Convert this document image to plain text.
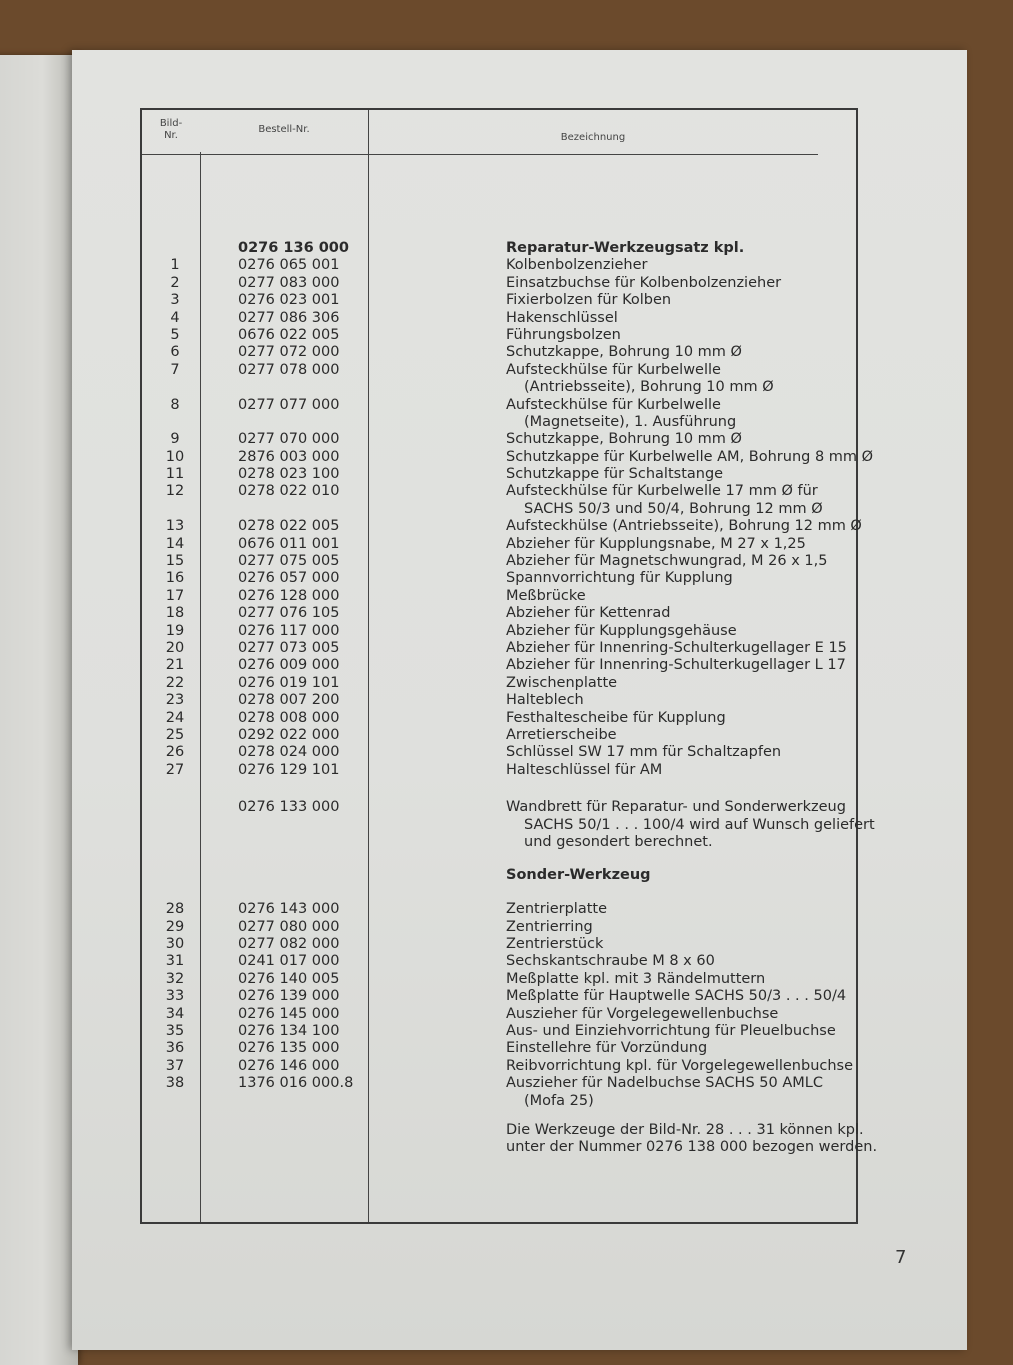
Bild-
Nr.
Bestell-Nr.
Bezeichnung
0276 136 000	Reparatur-Werkzeugsatz kpl.
1	0276 065 001	Kolbenbolzenzieher
2	0277 083 000	Einsatzbuchse für Kolbenbolzenzieher
3	0276 023 001	Fixierbolzen für Kolben
4	0277 086 306	Hakenschlüssel
5	0676 022 005	Führungsbolzen
6	0277 072 000	Schutzkappe, Bohrung 10 mm Ø
7	0277 078 000	Aufsteckhülse für Kurbelwelle
(Antriebsseite), Bohrung 10 mm Ø
8	0277 077 000	Aufsteckhülse für Kurbelwelle
(Magnetseite), 1. Ausführung
9	0277 070 000	Schutzkappe, Bohrung 10 mm Ø
10	2876 003 000	Schutzkappe für Kurbelwelle AM, Bohrung 8 mm Ø
11	0278 023 100	Schutzkappe für Schaltstange
12	0278 022 010	Aufsteckhülse für Kurbelwelle 17 mm Ø für
SACHS 50/3 und 50/4, Bohrung 12 mm Ø
13	0278 022 005	Aufsteckhülse (Antriebsseite), Bohrung 12 mm Ø
14	0676 011 001	Abzieher für Kupplungsnabe, M 27 x 1,25
15	0277 075 005	Abzieher für Magnetschwungrad, M 26 x 1,5
16	0276 057 000	Spannvorrichtung für Kupplung
17	0276 128 000	Meßbrücke
18	0277 076 105	Abzieher für Kettenrad
19	0276 117 000	Abzieher für Kupplungsgehäuse
20	0277 073 005	Abzieher für Innenring-Schulterkugellager E 15
21	0276 009 000	Abzieher für Innenring-Schulterkugellager L 17
22	0276 019 101	Zwischenplatte
23	0278 007 200	Halteblech
24	0278 008 000	Festhaltescheibe für Kupplung
25	0292 022 000	Arretierscheibe
26	0278 024 000	Schlüssel SW 17 mm für Schaltzapfen
27	0276 129 101	Halteschlüssel für AM
0276 133 000	Wandbrett für Reparatur- und Sonderwerkzeug
SACHS 50/1 . . . 100/4 wird auf Wunsch geliefert
und gesondert berechnet.
Sonder-Werkzeug
28	0276 143 000	Zentrierplatte
29	0277 080 000	Zentrierring
30	0277 082 000	Zentrierstück
31	0241 017 000	Sechskantschraube M 8 x 60
32	0276 140 005	Meßplatte kpl. mit 3 Rändelmuttern
33	0276 139 000	Meßplatte für Hauptwelle SACHS 50/3 . . . 50/4
34	0276 145 000	Auszieher für Vorgelegewellenbuchse
35	0276 134 100	Aus- und Einziehvorrichtung für Pleuelbuchse
36	0276 135 000	Einstellehre für Vorzündung
37	0276 146 000	Reibvorrichtung kpl. für Vorgelegewellenbuchse
38	1376 016 000.8	Auszieher für Nadelbuchse SACHS 50 AMLC
(Mofa 25)
Die Werkzeuge der Bild-Nr. 28 . . . 31 können kpl.
unter der Nummer 0276 138 000 bezogen werden.
7
